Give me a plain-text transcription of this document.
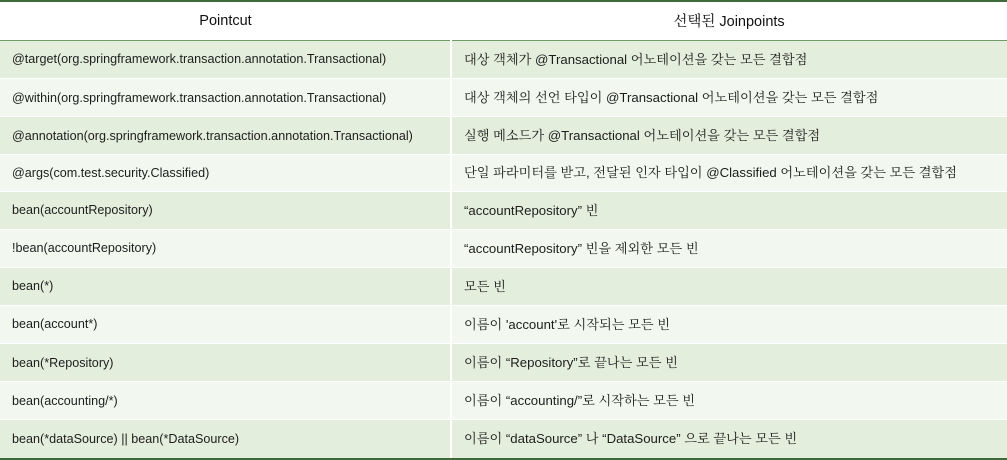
Pointcut	선택된 Joinpoints
@target(org.springframework.transaction.annotation.Transactional)	대상 객체가 @Transactional 어노테이션을 갖는 모든 결합점
@within(org.springframework.transaction.annotation.Transactional)	대상 객체의 선언 타입이 @Transactional 어노테이션을 갖는 모든 결합점
@annotation(org.springframework.transaction.annotation.Transactional)	실행 메소드가 @Transactional 어노테이션을 갖는 모든 결합점
@args(com.test.security.Classified)	단일 파라미터를 받고, 전달된 인자 타입이 @Classified 어노테이션을 갖는 모든 결합점
bean(accountRepository)	“accountRepository” 빈
!bean(accountRepository)	“accountRepository” 빈을 제외한 모든 빈
bean(*)	모든 빈
bean(account*)	이름이 'account'로 시작되는 모든 빈
bean(*Repository)	이름이 “Repository”로 끝나는 모든 빈
bean(accounting/*)	이름이 “accounting/”로 시작하는 모든 빈
bean(*dataSource) || bean(*DataSource)	이름이 “dataSource” 나 “DataSource” 으로 끝나는 모든 빈
